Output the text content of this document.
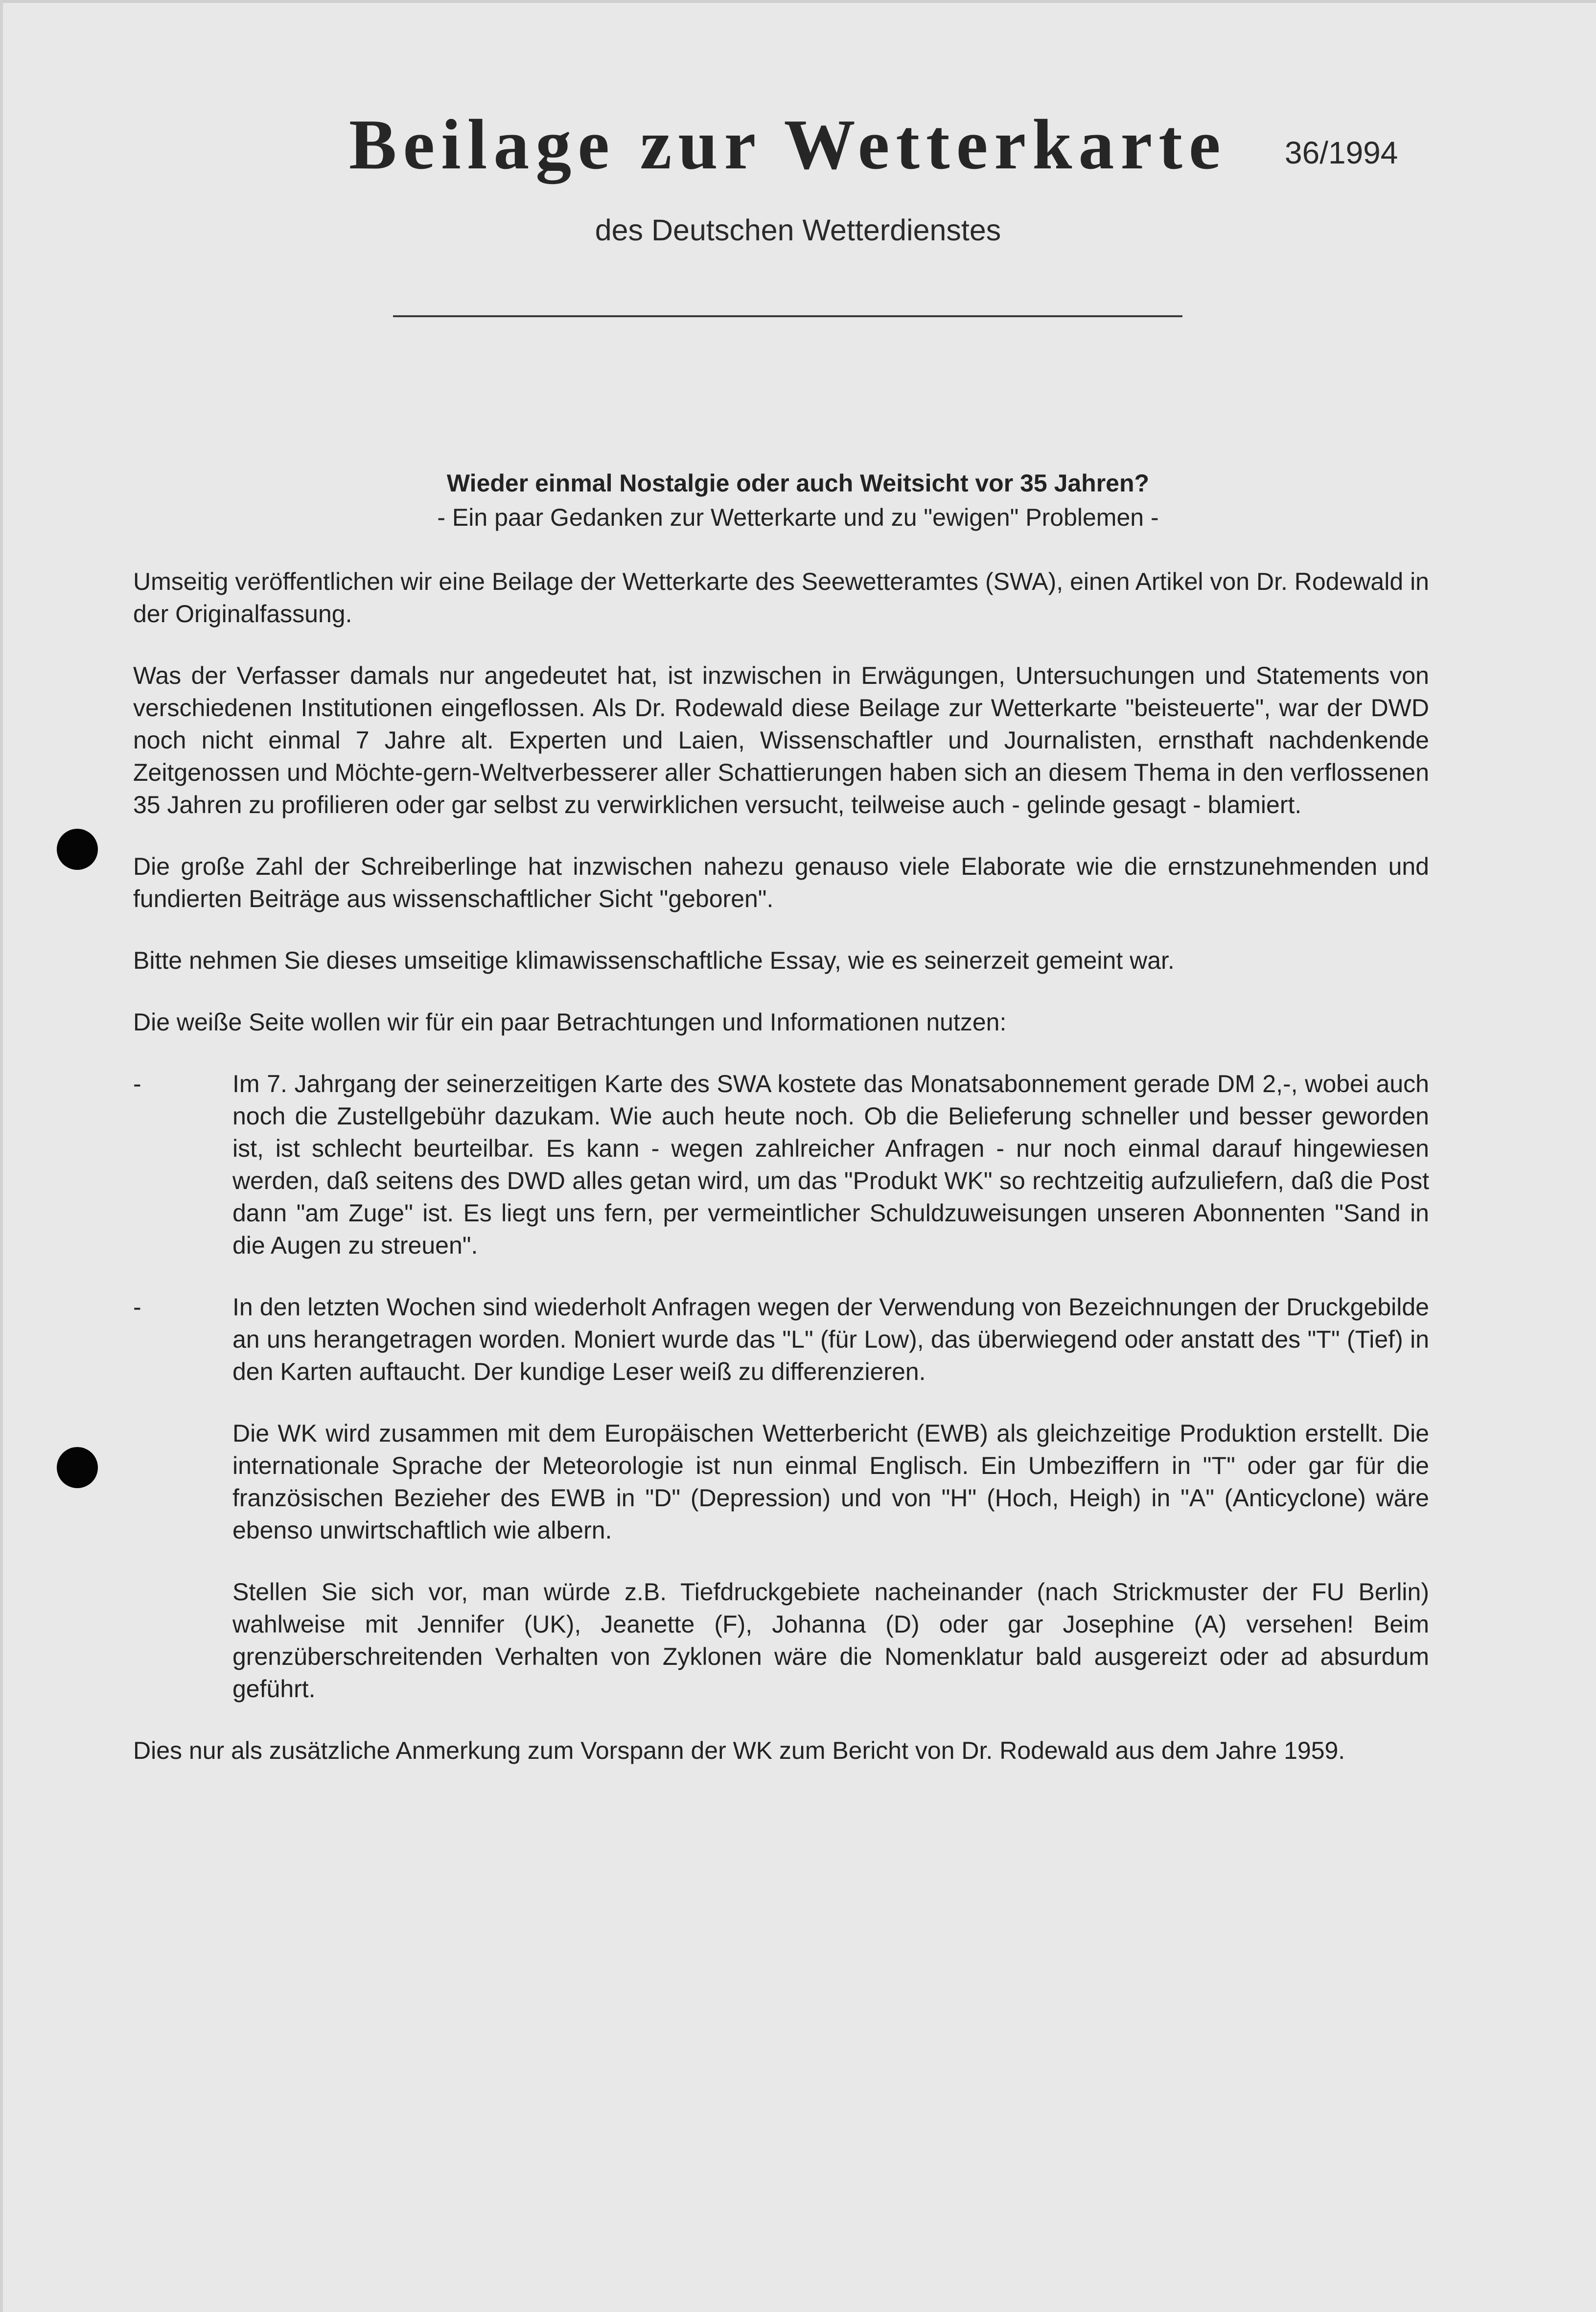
Beilage zur Wetterkarte 36/1994
des Deutschen Wetterdienstes
Wieder einmal Nostalgie oder auch Weitsicht vor 35 Jahren?
- Ein paar Gedanken zur Wetterkarte und zu "ewigen" Problemen -

Umseitig veröffentlichen wir eine Beilage der Wetterkarte des Seewetteramtes (SWA), einen Artikel von Dr. Rodewald in der Originalfassung.

Was der Verfasser damals nur angedeutet hat, ist inzwischen in Erwägungen, Untersuchungen und Statements von verschiedenen Institutionen eingeflossen. Als Dr. Rodewald diese Beilage zur Wetterkarte "beisteuerte", war der DWD noch nicht einmal 7 Jahre alt. Experten und Laien, Wissenschaftler und Journalisten, ernsthaft nachdenkende Zeitgenossen und Möchte-gern-Weltverbesserer aller Schattierungen haben sich an diesem Thema in den verflossenen 35 Jahren zu profilieren oder gar selbst zu verwirklichen versucht, teilweise auch - gelinde gesagt - blamiert.

Die große Zahl der Schreiberlinge hat inzwischen nahezu genauso viele Elaborate wie die ernstzunehmenden und fundierten Beiträge aus wissenschaftlicher Sicht "geboren".

Bitte nehmen Sie dieses umseitige klimawissenschaftliche Essay, wie es seinerzeit gemeint war.

Die weiße Seite wollen wir für ein paar Betrachtungen und Informationen nutzen:

-	Im 7. Jahrgang der seinerzeitigen Karte des SWA kostete das Monatsabonnement gerade DM 2,-, wobei auch noch die Zustellgebühr dazukam. Wie auch heute noch. Ob die Belieferung schneller und besser geworden ist, ist schlecht beurteilbar. Es kann - wegen zahlreicher Anfragen - nur noch einmal darauf hingewiesen werden, daß seitens des DWD alles getan wird, um das "Produkt WK" so rechtzeitig aufzuliefern, daß die Post dann "am Zuge" ist. Es liegt uns fern, per vermeintlicher Schuldzuweisungen unseren Abonnenten "Sand in die Augen zu streuen".

-	In den letzten Wochen sind wiederholt Anfragen wegen der Verwendung von Bezeichnungen der Druckgebilde an uns herangetragen worden. Moniert wurde das "L" (für Low), das überwiegend oder anstatt des "T" (Tief) in den Karten auftaucht. Der kundige Leser weiß zu differenzieren.

Die WK wird zusammen mit dem Europäischen Wetterbericht (EWB) als gleichzeitige Produktion erstellt. Die internationale Sprache der Meteorologie ist nun einmal Englisch. Ein Umbeziffern in "T" oder gar für die französischen Bezieher des EWB in "D" (Depression) und von "H" (Hoch, Heigh) in "A" (Anticyclone) wäre ebenso unwirtschaftlich wie albern.

Stellen Sie sich vor, man würde z.B. Tiefdruckgebiete nacheinander (nach Strickmuster der FU Berlin) wahlweise mit Jennifer (UK), Jeanette (F), Johanna (D) oder gar Josephine (A) versehen! Beim grenzüberschreitenden Verhalten von Zyklonen wäre die Nomenklatur bald ausgereizt oder ad absurdum geführt.

Dies nur als zusätzliche Anmerkung zum Vorspann der WK zum Bericht von Dr. Rodewald aus dem Jahre 1959.
